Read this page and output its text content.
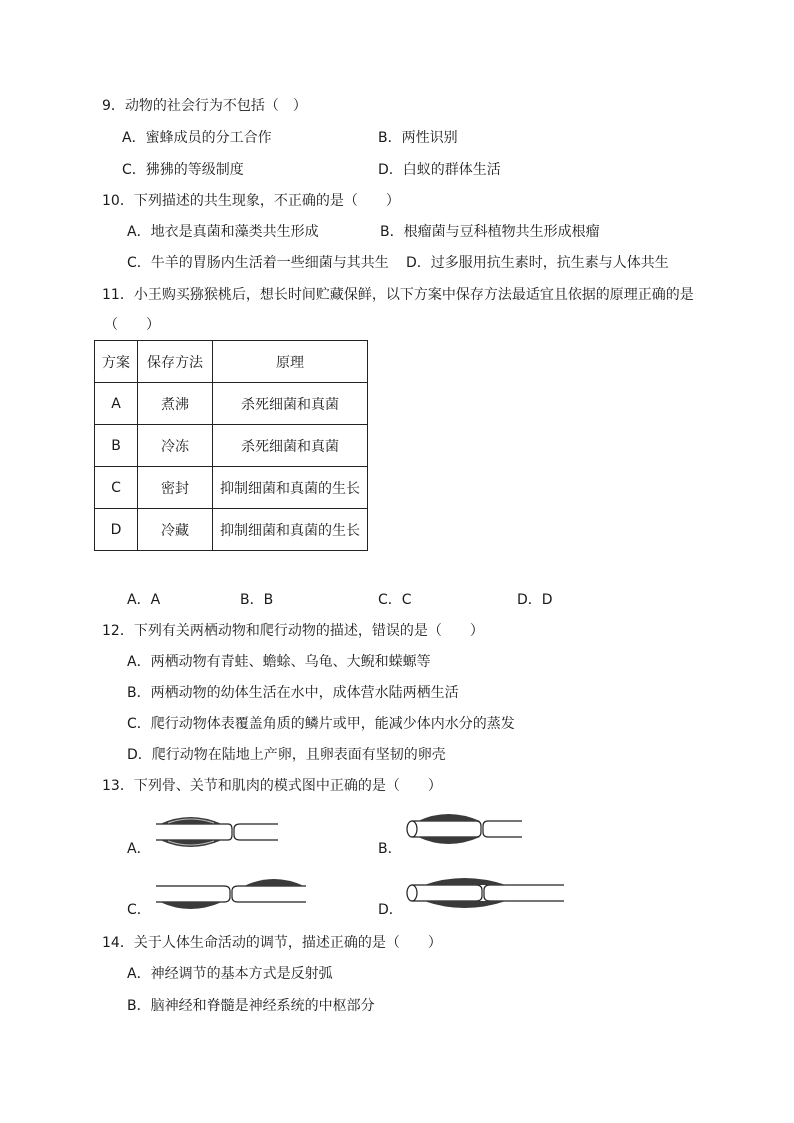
9．动物的社会行为不包括（　）
A．蜜蜂成员的分工合作	B．两性识别
C．狒狒的等级制度	D．白蚁的群体生活
10．下列描述的共生现象，不正确的是（　　）
A．地衣是真菌和藻类共生形成	B．根瘤菌与豆科植物共生形成根瘤
C．牛羊的胃肠内生活着一些细菌与其共生 D．过多服用抗生素时，抗生素与人体共生
11．小王购买猕猴桃后，想长时间贮藏保鲜，以下方案中保存方法最适宜且依据的原理正确的是
（　　）
方案	保存方法	原理
A	煮沸	杀死细菌和真菌
B	冷冻	杀死细菌和真菌
C	密封	抑制细菌和真菌的生长
D	冷藏	抑制细菌和真菌的生长
A．A	B．B	C．C	D．D
12．下列有关两栖动物和爬行动物的描述，错误的是（　　）
A．两栖动物有青蛙、蟾蜍、乌龟、大鲵和蝾螈等
B．两栖动物的幼体生活在水中，成体营水陆两栖生活
C．爬行动物体表覆盖角质的鳞片或甲，能减少体内水分的蒸发
D．爬行动物在陆地上产卵，且卵表面有坚韧的卵壳
13．下列骨、关节和肌肉的模式图中正确的是（　　）
A．	B．
C．	D．
14．关于人体生命活动的调节，描述正确的是（　　）
A．神经调节的基本方式是反射弧
B．脑神经和脊髓是神经系统的中枢部分
